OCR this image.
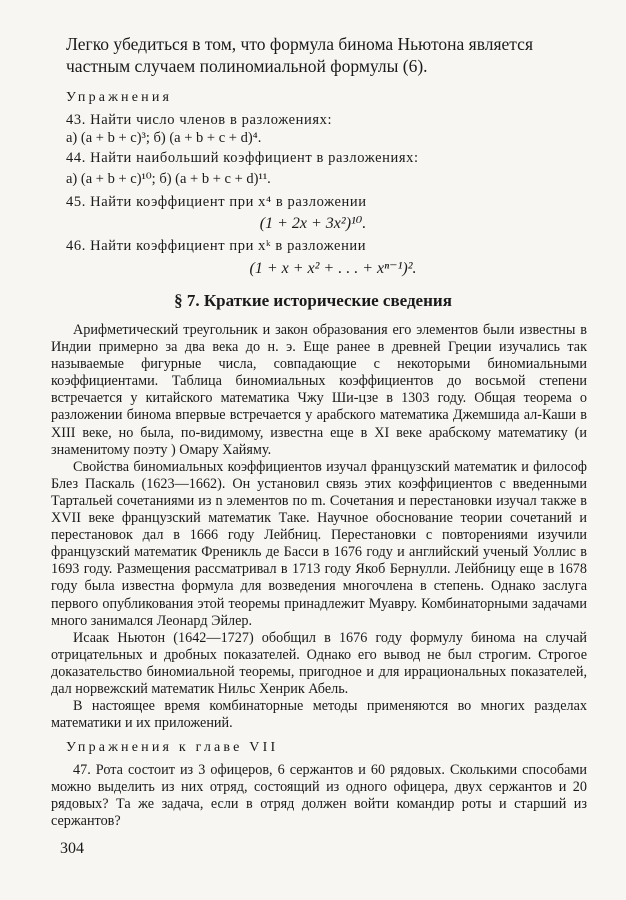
Легко убедиться в том, что формула бинома Ньютона является частным случаем полиномиальной формулы (6).

Упражнения
43. Найти число членов в разложениях:
а) (a + b + c)³; б) (a + b + c + d)⁴.
44. Найти наибольший коэффициент в разложениях:
а) (a + b + c)¹⁰; б) (a + b + c + d)¹¹.
45. Найти коэффициент при x⁴ в разложении
(1 + 2x + 3x²)¹⁰.
46. Найти коэффициент при xᵏ в разложении
(1 + x + x² + . . . + xⁿ⁻¹)².
§ 7. Краткие исторические сведения

Арифметический треугольник и закон образования его элементов были известны в Индии примерно за два века до н. э. Еще ранее в древней Греции изучались так называемые фигурные числа, совпадающие с некоторыми биномиальными коэффициентами. Таблица биномиальных коэффициентов до восьмой степени встречается у китайского математика Чжу Ши-цзе в 1303 году. Общая теорема о разложении бинома впервые встречается у арабского математика Джемшида ал-Каши в XIII веке, но была, по-видимому, известна еще в XI веке арабскому математику (и знаменитому поэту ) Омару Хайяму.

Свойства биномиальных коэффициентов изучал французский математик и философ Блез Паскаль (1623—1662). Он установил связь этих коэффициентов с введенными Тартальей сочетаниями из n элементов по m. Сочетания и перестановки изучал также в XVII веке французский математик Таке. Научное обоснование теории сочетаний и перестановок дал в 1666 году Лейбниц. Перестановки с повторениями изучили французский математик Френикль де Басси в 1676 году и английский ученый Уоллис в 1693 году. Размещения рассматривал в 1713 году Якоб Бернулли. Лейбницу еще в 1678 году была известна формула для возведения многочлена в степень. Однако заслуга первого опубликования этой теоремы принадлежит Муавру. Комбинаторными задачами много занимался Леонард Эйлер.

Исаак Ньютон (1642—1727) обобщил в 1676 году формулу бинома на случай отрицательных и дробных показателей. Однако его вывод не был строгим. Строгое доказательство биномиальной теоремы, пригодное и для иррациональных показателей, дал норвежский математик Нильс Хенрик Абель.

В настоящее время комбинаторные методы применяются во многих разделах математики и их приложений.

Упражнения к главе VII

47. Рота состоит из 3 офицеров, 6 сержантов и 60 рядовых. Сколькими способами можно выделить из них отряд, состоящий из одного офицера, двух сержантов и 20 рядовых? Та же задача, если в отряд должен войти командир роты и старший из сержантов?

304
